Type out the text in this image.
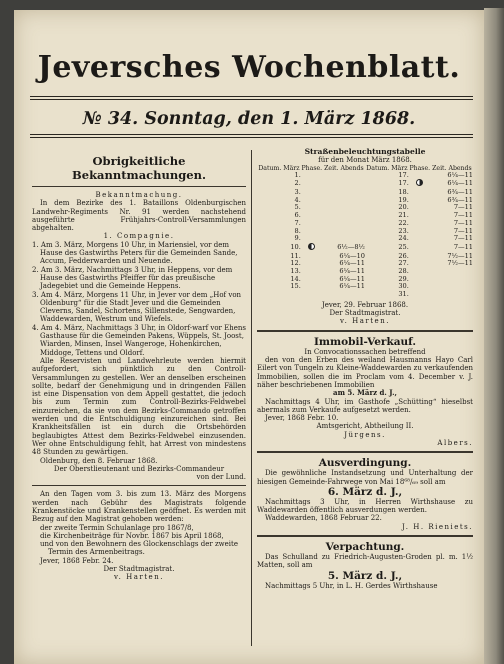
Jeversches Wochenblatt.
№ 34. Sonntag, den 1. März 1868.
Obrigkeitliche Bekanntmachungen.

Bekanntmachung.

In dem Bezirke des 1. Bataillons Oldenburgischen Landwehr-Regiments Nr. 91 werden nachstehend ausgeführte Frühjahrs-Controll-Versammlungen abgehalten.

1. Compagnie.

1. Am 3. März, Morgens 10 Uhr, in Mariensiel, vor dem Hause des Gastwirths Peters für die Gemeinden Sande, Accum, Fedderwarden und Neuende.

2. Am 3. März, Nachmittags 3 Uhr, in Heppens, vor dem Hause des Gastwirths Pfeiffer für das preußische Jadegebiet und die Gemeinde Heppens.

3. Am 4. März, Morgens 11 Uhr, in Jever vor dem „Hof von Oldenburg“ für die Stadt Jever und die Gemeinden Cleverns, Sandel, Schortens, Sillenstede, Sengwarden, Waddewarden, Westrum und Wiefels.

4. Am 4. März, Nachmittags 3 Uhr, in Oldorf-warf vor Ehens Gasthause für die Gemeinden Pakens, Wüppels, St. Joost, Wiarden, Minsen, Insel Wangeroge, Hohenkirchen, Middoge, Tettens und Oldorf.

Alle Reservisten und Landwehrleute werden hiermit aufgefordert, sich pünktlich zu den Controll-Versammlungen zu gestellen. Wer an denselben erscheinen sollte, bedarf der Genehmigung und in dringenden Fällen ist eine Dispensation von dem Appell gestattet, die jedoch bis zum Termin zum Controll-Bezirks-Feldwebel einzureichen, da sie von dem Bezirks-Commando getroffen werden und die Entschuldigung einzureichen sind. Bei Krankheitsfällen ist ein durch die Ortsbehörden beglaubigtes Attest dem Bezirks-Feldwebel einzusenden. Wer ohne Entschuldigung fehlt, hat Arrest von mindestens 48 Stunden zu gewärtigen.

Oldenburg, den 8. Februar 1868.

Der Oberstlieutenant und Bezirks-Commandeur

von der Lund.

An den Tagen vom 3. bis zum 13. März des Morgens werden nach Gebühr des Magistrats folgende Krankenstöcke und Krankenstellen geöffnet. Es werden mit Bezug auf den Magistrat gehoben werden:

der zweite Termin Schulanlage pro 1867/8,

die Kirchenbeiträge für Novbr. 1867 bis April 1868,

und von den Bewohnern des Glockenschlags der zweite Termin des Armenbeitrags.

Jever, 1868 Febr. 24.

Der Stadtmagistrat.

v. Harten.

Straßenbeleuchtungstabelle

für den Monat März 1868.

Datum. März	Phase.	Zeit. Abends	Datum. März	Phase.	Zeit. Abends
1.			17.		6¼—11
2.			17.		6¼—11
3.			18.		6¾—11
4.			19.		6¾—11
5.			20.		7—11
6.			21.		7—11
7.			22.		7—11
8.			23.		7—11
9.			24.		7—11
10.		6½—8½	25.		7—11
11.		6¼—10	26.		7½—11
12.		6¼—11	27.		7½—11
13.		6¼—11	28.		
14.		6¼—11	29.		
15.		6¼—11	30.		
			31.		

Jever, 29. Februar 1868.

Der Stadtmagistrat.

v. Harten.

Immobil-Verkauf.

In Convocationssachen betreffend

den von den Erben des weiland Hausmanns Hayo Carl Eilert von Tungeln zu Kleine-Waddewarden zu verkaufenden Immobilien, sollen die im Proclam vom 4. December v. J. näher beschriebenen Immobilien

am 5. März d. J.,

Nachmittags 4 Uhr, im Gasthofe „Schütting“ hieselbst abermals zum Verkaufe aufgesetzt werden.

Jever, 1868 Febr. 10.

Amtsgericht, Abtheilung II.

Jürgens.

Albers.

Ausverdingung.

Die gewöhnliche Instandsetzung und Unterhaltung der hiesigen Gemeinde-Fahrwege von Mai 18⁶⁸/₆₉ soll am

6. März d. J.,

Nachmittags 3 Uhr, in Herren Wirthshause zu Waddewarden öffentlich ausverdungen werden.

Waddewarden, 1868 Februar 22.

J. H. Rieniets.

Verpachtung.

Das Schulland zu Friedrich-Augusten-Groden pl. m. 1½ Matten, soll am

5. März d. J.,

Nachmittags 5 Uhr, in L. H. Gerdes Wirthshause
